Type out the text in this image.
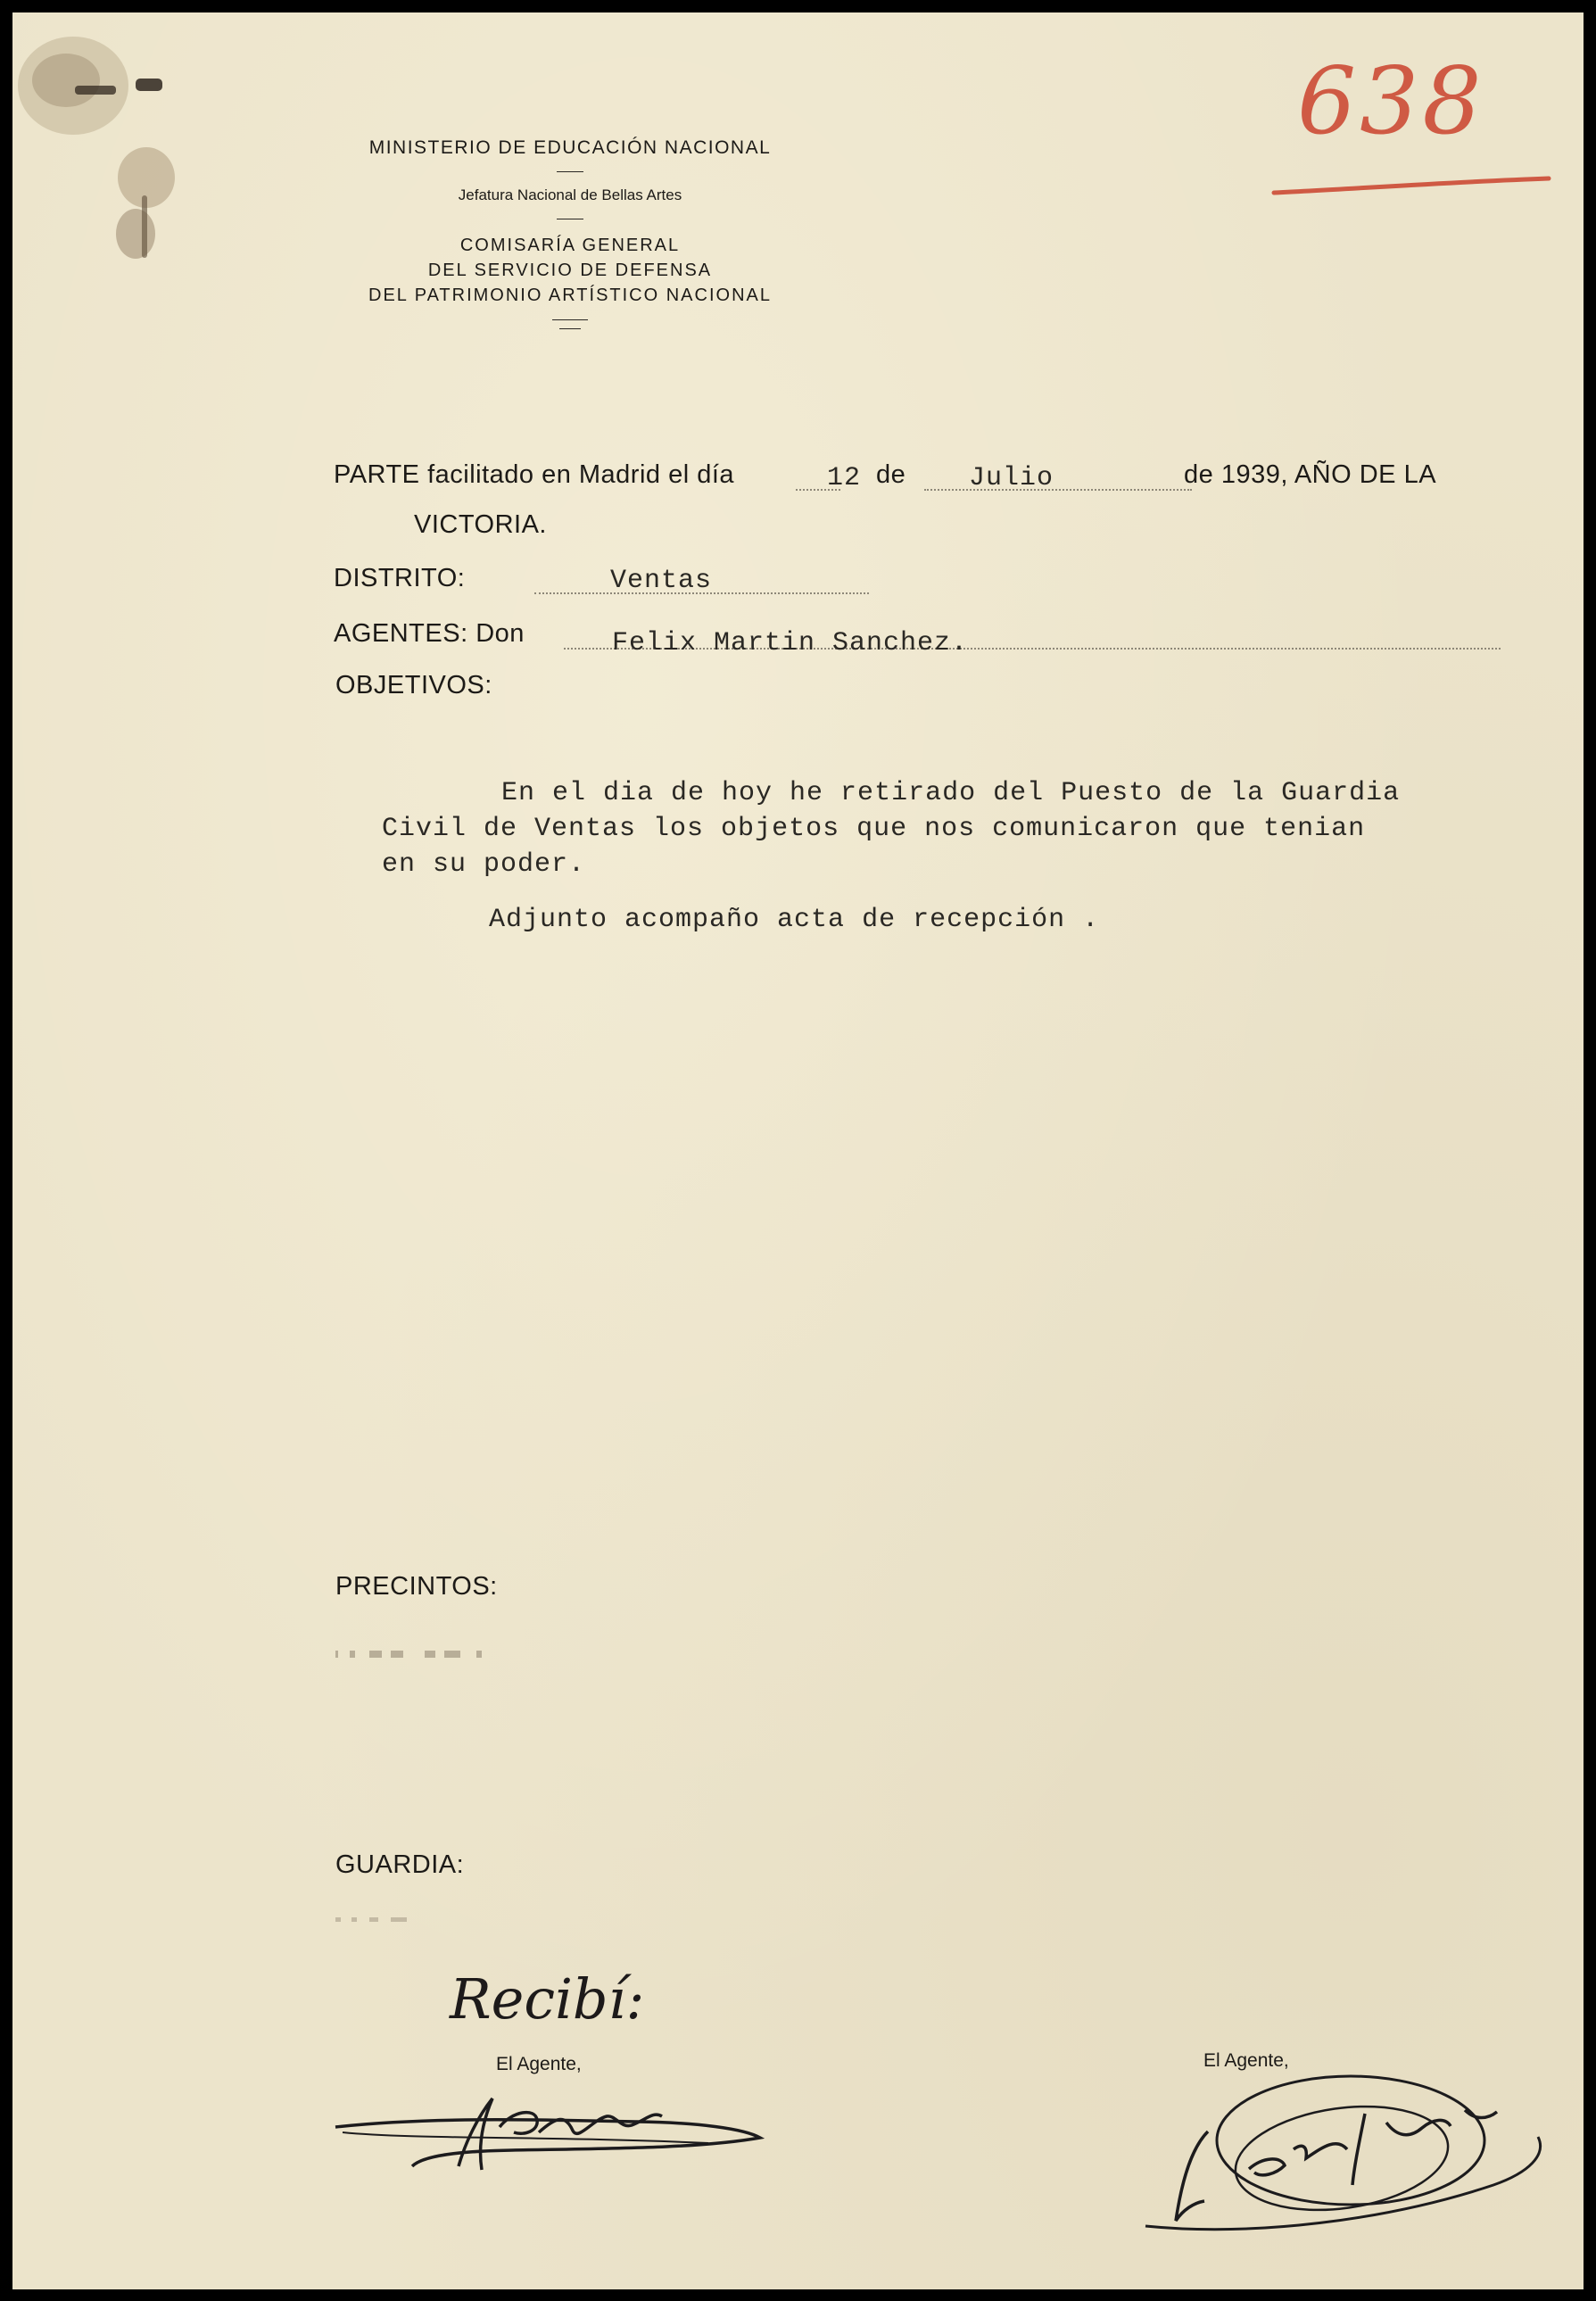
638
MINISTERIO DE EDUCACIÓN NACIONAL
Jefatura Nacional de Bellas Artes
COMISARÍA GENERAL
DEL SERVICIO DE DEFENSA
DEL PATRIMONIO ARTÍSTICO NACIONAL
PARTE facilitado en Madrid el día	12 de Julio	de 1939, AÑO DE LA
VICTORIA.
DISTRITO:	Ventas
AGENTES: Don	Felix Martin Sanchez.
OBJETIVOS:
En el dia de hoy he retirado del Puesto de la Guardia
Civil de Ventas los objetos que nos comunicaron que tenian
en su poder.
Adjunto acompaño acta de recepción .
PRECINTOS:
GUARDIA:
Recibí:
El Agente,	El Agente,
